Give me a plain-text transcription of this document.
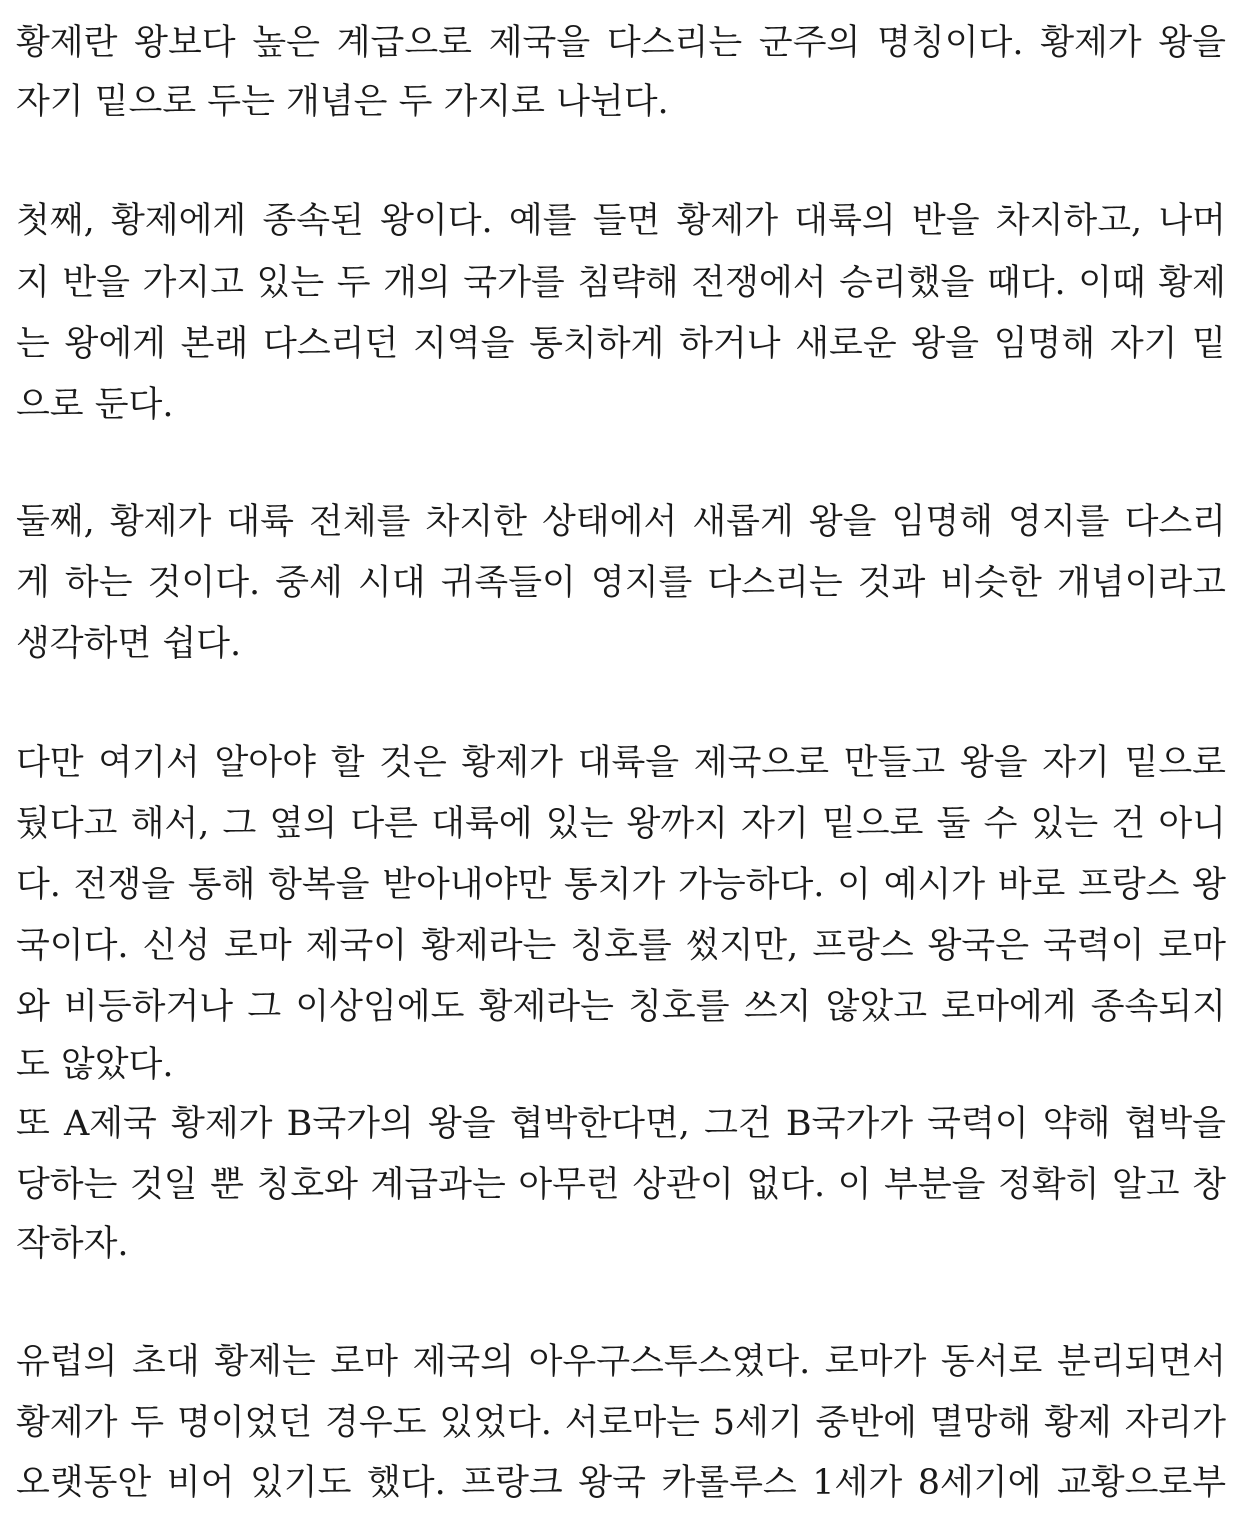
황제란 왕보다 높은 계급으로 제국을 다스리는 군주의 명칭이다. 황제가 왕을
자기 밑으로 두는 개념은 두 가지로 나뉜다.
첫째, 황제에게 종속된 왕이다. 예를 들면 황제가 대륙의 반을 차지하고, 나머
지 반을 가지고 있는 두 개의 국가를 침략해 전쟁에서 승리했을 때다. 이때 황제
는 왕에게 본래 다스리던 지역을 통치하게 하거나 새로운 왕을 임명해 자기 밑
으로 둔다.
둘째, 황제가 대륙 전체를 차지한 상태에서 새롭게 왕을 임명해 영지를 다스리
게 하는 것이다. 중세 시대 귀족들이 영지를 다스리는 것과 비슷한 개념이라고
생각하면 쉽다.
다만 여기서 알아야 할 것은 황제가 대륙을 제국으로 만들고 왕을 자기 밑으로
뒀다고 해서, 그 옆의 다른 대륙에 있는 왕까지 자기 밑으로 둘 수 있는 건 아니
다. 전쟁을 통해 항복을 받아내야만 통치가 가능하다. 이 예시가 바로 프랑스 왕
국이다. 신성 로마 제국이 황제라는 칭호를 썼지만, 프랑스 왕국은 국력이 로마
와 비등하거나 그 이상임에도 황제라는 칭호를 쓰지 않았고 로마에게 종속되지
도 않았다.
또 A제국 황제가 B국가의 왕을 협박한다면, 그건 B국가가 국력이 약해 협박을
당하는 것일 뿐 칭호와 계급과는 아무런 상관이 없다. 이 부분을 정확히 알고 창
작하자.
유럽의 초대 황제는 로마 제국의 아우구스투스였다. 로마가 동서로 분리되면서
황제가 두 명이었던 경우도 있었다. 서로마는 5세기 중반에 멸망해 황제 자리가
오랫동안 비어 있기도 했다. 프랑크 왕국 카롤루스 1세가 8세기에 교황으로부
